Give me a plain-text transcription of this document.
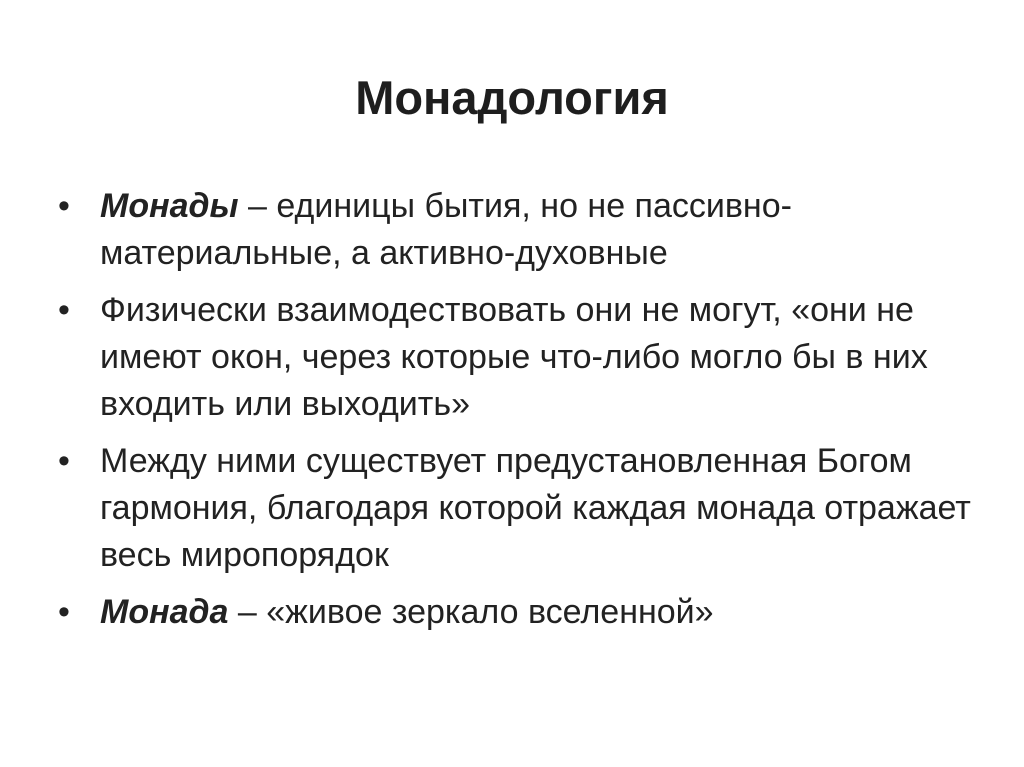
Монадология
• Монады – единицы бытия, но не пассивно-материальные, а активно-духовные
• Физически взаимодествовать они не могут, «они не имеют окон, через которые что-либо могло бы в них входить или выходить»
• Между ними существует предустановленная Богом гармония, благодаря которой каждая монада отражает весь миропорядок
• Монада – «живое зеркало вселенной»
